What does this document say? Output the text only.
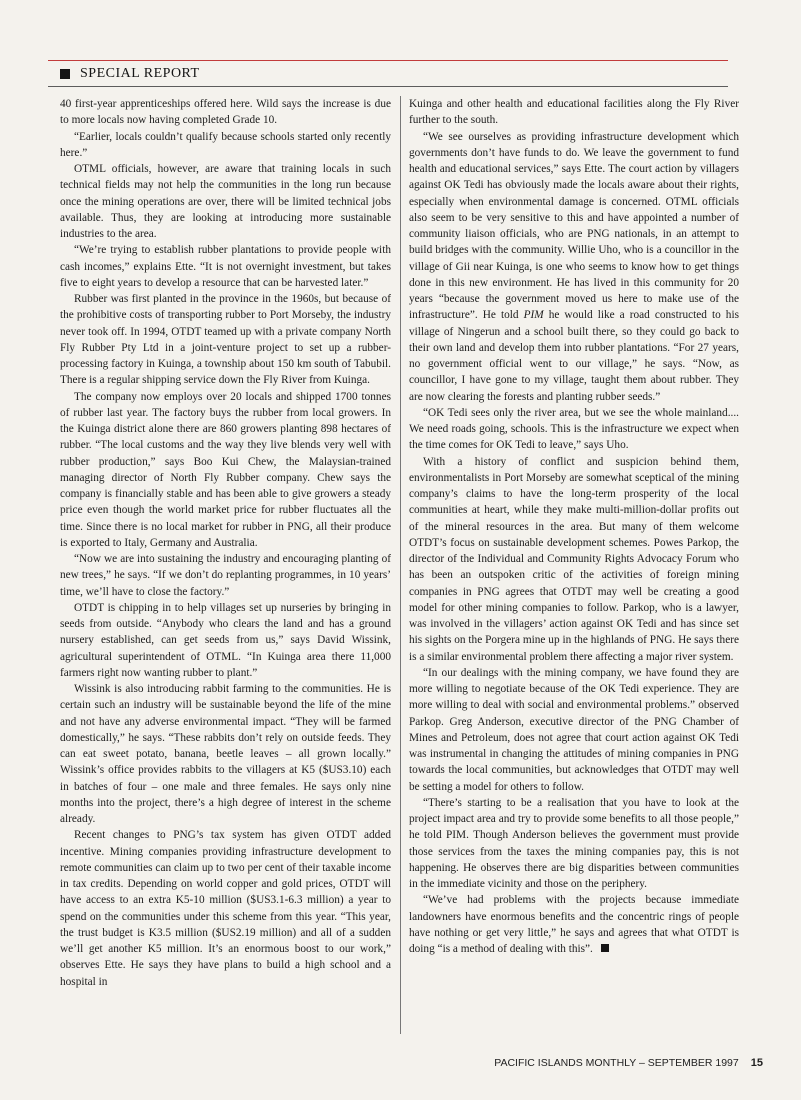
SPECIAL REPORT

40 first-year apprenticeships offered here. Wild says the increase is due to more locals now having completed Grade 10.

“Earlier, locals couldn’t qualify because schools started only recently here.”

OTML officials, however, are aware that training locals in such technical fields may not help the communities in the long run because once the mining operations are over, there will be limited technical jobs available. Thus, they are looking at introducing more sustainable industries to the area.

“We’re trying to establish rubber plantations to provide people with cash incomes,” explains Ette. “It is not overnight investment, but takes five to eight years to develop a resource that can be harvested later.”

Rubber was first planted in the province in the 1960s, but because of the prohibitive costs of transporting rubber to Port Morseby, the industry never took off. In 1994, OTDT teamed up with a private company North Fly Rubber Pty Ltd in a joint-venture project to set up a rubber-processing factory in Kuinga, a township about 150 km south of Tabubil. There is a regular shipping service down the Fly River from Kuinga.

The company now employs over 20 locals and shipped 1700 tonnes of rubber last year. The factory buys the rubber from local growers. In the Kuinga district alone there are 860 growers planting 898 hectares of rubber. “The local customs and the way they live blends very well with rubber production,” says Boo Kui Chew, the Malaysian-trained managing director of North Fly Rubber company. Chew says the company is financially stable and has been able to give growers a steady price even though the world market price for rubber fluctuates all the time. Since there is no local market for rubber in PNG, all their produce is exported to Italy, Germany and Australia.

“Now we are into sustaining the industry and encouraging planting of new trees,” he says. “If we don’t do replanting programmes, in 10 years’ time, we’ll have to close the factory.”

OTDT is chipping in to help villages set up nurseries by bringing in seeds from outside. “Anybody who clears the land and has a ground nursery established, can get seeds from us,” says David Wissink, agricultural superintendent of OTML. “In Kuinga area there 11,000 farmers right now wanting rubber to plant.”

Wissink is also introducing rabbit farming to the communities. He is certain such an industry will be sustainable beyond the life of the mine and not have any adverse environmental impact. “They will be farmed domestically,” he says. “These rabbits don’t rely on outside feeds. They can eat sweet potato, banana, beetle leaves – all grown locally.” Wissink’s office provides rabbits to the villagers at K5 ($US3.10) each in batches of four – one male and three females. He says only nine months into the project, there’s a high degree of interest in the scheme already.

Recent changes to PNG’s tax system has given OTDT added incentive. Mining companies providing infrastructure development to remote communities can claim up to two per cent of their taxable income in tax credits. Depending on world copper and gold prices, OTDT will have access to an extra K5-10 million ($US3.1-6.3 million) a year to spend on the communities under this scheme from this year. “This year, the trust budget is K3.5 million ($US2.19 million) and all of a sudden we’ll get another K5 million. It’s an enormous boost to our work,” observes Ette. He says they have plans to build a high school and a hospital in

Kuinga and other health and educational facilities along the Fly River further to the south.

“We see ourselves as providing infrastructure development which governments don’t have funds to do. We leave the government to fund health and educational services,” says Ette. The court action by villagers against OK Tedi has obviously made the locals aware about their rights, especially when environmental damage is concerned. OTML officials also seem to be very sensitive to this and have appointed a number of community liaison officials, who are PNG nationals, in an attempt to build bridges with the community. Willie Uho, who is a councillor in the village of Gii near Kuinga, is one who seems to know how to get things done in this new environment. He has lived in this community for 20 years “because the government moved us here to make use of the infrastructure”. He told PIM he would like a road constructed to his village of Ningerun and a school built there, so they could go back to their own land and develop them into rubber plantations. “For 27 years, no government official went to our village,” he says. “Now, as councillor, I have gone to my village, taught them about rubber. They are now clearing the forests and planting rubber seeds.”

“OK Tedi sees only the river area, but we see the whole mainland.... We need roads going, schools. This is the infrastructure we expect when the time comes for OK Tedi to leave,” says Uho.

With a history of conflict and suspicion behind them, environmentalists in Port Morseby are somewhat sceptical of the mining company’s claims to have the long-term prosperity of the local communities at heart, while they make multi-million-dollar profits out of the mineral resources in the area. But many of them welcome OTDT’s focus on sustainable development schemes. Powes Parkop, the director of the Individual and Community Rights Advocacy Forum who has been an outspoken critic of the activities of foreign mining companies in PNG agrees that OTDT may well be creating a good model for other mining companies to follow. Parkop, who is a lawyer, was involved in the villagers’ action against OK Tedi and has since set his sights on the Porgera mine up in the highlands of PNG. He says there is a similar environmental problem there affecting a major river system.

“In our dealings with the mining company, we have found they are more willing to negotiate because of the OK Tedi experience. They are more willing to deal with social and environmental problems.” observed Parkop. Greg Anderson, executive director of the PNG Chamber of Mines and Petroleum, does not agree that court action against OK Tedi was instrumental in changing the attitudes of mining companies in PNG towards the local communities, but acknowledges that OTDT may well be setting a model for others to follow.

“There’s starting to be a realisation that you have to look at the project impact area and try to provide some benefits to all those people,” he told PIM. Though Anderson believes the government must provide those services from the taxes the mining companies pay, this is not happening. He observes there are big disparities between communities in the immediate vicinity and those on the periphery.

“We’ve had problems with the projects because immediate landowners have enormous benefits and the concentric rings of people have nothing or get very little,” he says and agrees that what OTDT is doing “is a method of dealing with this”.

PACIFIC ISLANDS MONTHLY – SEPTEMBER 1997 15
